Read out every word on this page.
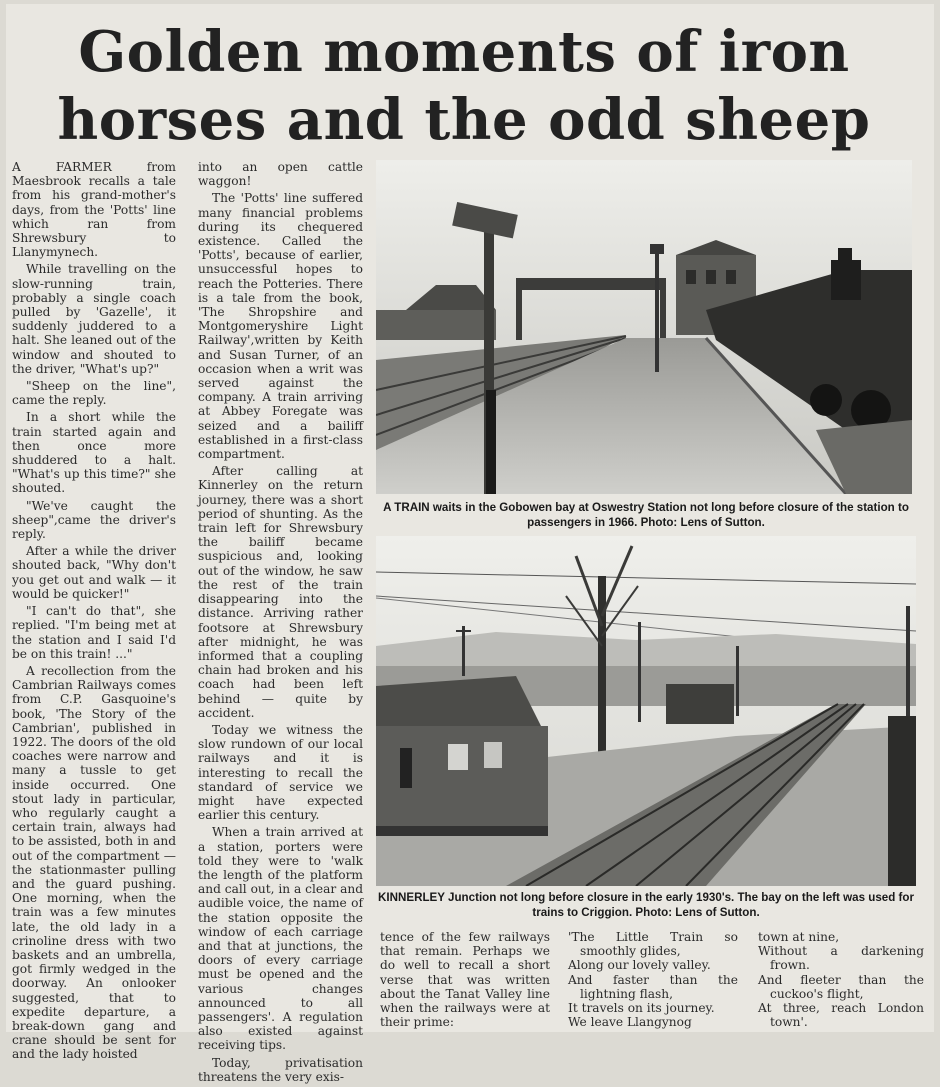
Golden moments of iron horses and the odd sheep

A FARMER from Maesbrook recalls a tale from his grand-mother's days, from the 'Potts' line which ran from Shrewsbury to Llanymynech.

While travelling on the slow-running train, probably a single coach pulled by 'Gazelle', it suddenly juddered to a halt. She leaned out of the window and shouted to the driver, "What's up?"

"Sheep on the line", came the reply.

In a short while the train started again and then once more shuddered to a halt. "What's up this time?" she shouted.

"We've caught the sheep",came the driver's reply.

After a while the driver shouted back, "Why don't you get out and walk — it would be quicker!"

"I can't do that", she replied. "I'm being met at the station and I said I'd be on this train! ..."

A recollection from the Cambrian Railways comes from C.P. Gasquoine's book, 'The Story of the Cambrian', published in 1922. The doors of the old coaches were narrow and many a tussle to get inside occurred. One stout lady in particular, who regularly caught a certain train, always had to be assisted, both in and out of the compartment — the stationmaster pulling and the guard pushing. One morning, when the train was a few minutes late, the old lady in a crinoline dress with two baskets and an umbrella, got firmly wedged in the doorway. An onlooker suggested, that to expedite departure, a break-down gang and crane should be sent for and the lady hoisted

into an open cattle waggon!

The 'Potts' line suffered many financial problems during its chequered existence. Called the 'Potts', because of earlier, unsuccessful hopes to reach the Potteries. There is a tale from the book, 'The Shropshire and Montgomeryshire Light Railway',written by Keith and Susan Turner, of an occasion when a writ was served against the company. A train arriving at Abbey Foregate was seized and a bailiff established in a first-class compartment.

After calling at Kinnerley on the return journey, there was a short period of shunting. As the train left for Shrewsbury the bailiff became suspicious and, looking out of the window, he saw the rest of the train disappearing into the distance. Arriving rather footsore at Shrewsbury after midnight, he was informed that a coupling chain had broken and his coach had been left behind — quite by accident.

Today we witness the slow rundown of our local railways and it is interesting to recall the standard of service we might have expected earlier this century.

When a train arrived at a station, porters were told they were to 'walk the length of the platform and call out, in a clear and audible voice, the name of the station opposite the window of each carriage and that at junctions, the doors of every carriage must be opened and the various changes announced to all passengers'. A regulation also existed against receiving tips.

Today, privatisation threatens the very exis-

A TRAIN waits in the Gobowen bay at Oswestry Station not long before closure of the station to passengers in 1966. Photo: Lens of Sutton.
KINNERLEY Junction not long before closure in the early 1930's. The bay on the left was used for trains to Criggion. Photo: Lens of Sutton.

tence of the few railways that remain. Perhaps we do well to recall a short verse that was written about the Tanat Valley line when the railways were at their prime:

'The Little Train so smoothly glides,

Along our lovely valley.

And faster than the lightning flash,

It travels on its journey.

We leave Llangynog

town at nine,

Without a darkening frown.

And fleeter than the cuckoo's flight,

At three, reach London town'.
